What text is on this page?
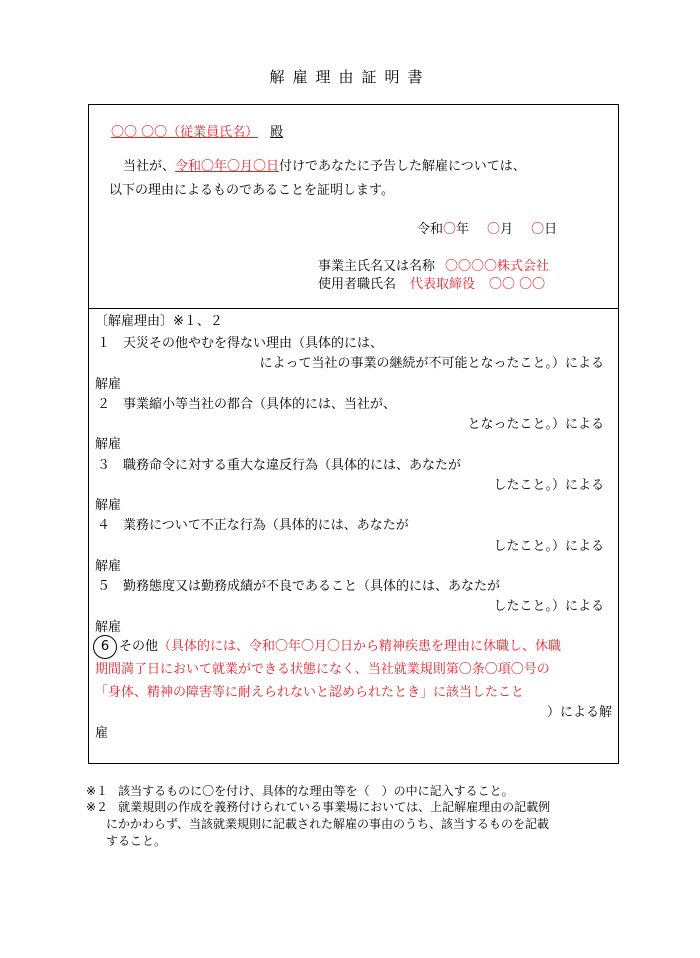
解雇理由証明書
〇〇 〇〇（従業員氏名） 殿
当社が、令和〇年〇月〇日付けであなたに予告した解雇については、
以下の理由によるものであることを証明します。
令和〇年 〇月 〇日
事業主氏名又は名称 〇〇〇〇株式会社
使用者職氏名 代表取締役 〇〇 〇〇
〔解雇理由〕※１、２
１　天災その他やむを得ない理由（具体的には、
によって当社の事業の継続が不可能となったこと。）による
解雇
２　事業縮小等当社の都合（具体的には、当社が、
となったこと。）による
解雇
３　職務命令に対する重大な違反行為（具体的には、あなたが
したこと。）による
解雇
４　業務について不正な行為（具体的には、あなたが
したこと。）による
解雇
５　勤務態度又は勤務成績が不良であること（具体的には、あなたが
したこと。）による
解雇
6 その他（具体的には、令和〇年〇月〇日から精神疾患を理由に休職し、休職
期間満了日において就業ができる状態になく、当社就業規則第〇条〇項〇号の
「身体、精神の障害等に耐えられないと認められたとき」に該当したこと
）による解
雇
※１ 該当するものに〇を付け、具体的な理由等を（　）の中に記入すること。
※２ 就業規則の作成を義務付けられている事業場においては、上記解雇理由の記載例
にかかわらず、当該就業規則に記載された解雇の事由のうち、該当するものを記載
すること。
